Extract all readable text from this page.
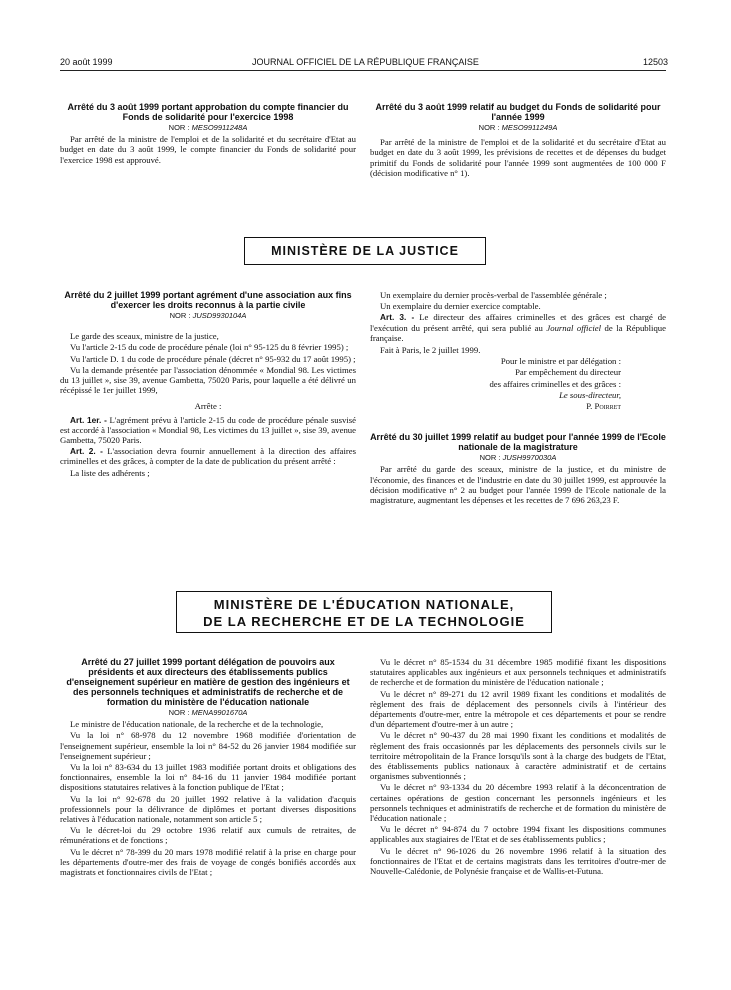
20 août 1999	JOURNAL OFFICIEL DE LA RÉPUBLIQUE FRANÇAISE	12503

Arrêté du 3 août 1999 portant approbation du compte financier du Fonds de solidarité pour l'exercice 1998

NOR : MESO9911248A

Par arrêté de la ministre de l'emploi et de la solidarité et du secrétaire d'Etat au budget en date du 3 août 1999, le compte financier du Fonds de solidarité pour l'exercice 1998 est approuvé.

Arrêté du 3 août 1999 relatif au budget du Fonds de solidarité pour l'année 1999

NOR : MESO9911249A

Par arrêté de la ministre de l'emploi et de la solidarité et du secrétaire d'Etat au budget en date du 3 août 1999, les prévisions de recettes et de dépenses du budget primitif du Fonds de solidarité pour l'année 1999 sont augmentées de 100 000 F (décision modificative n° 1).

MINISTÈRE DE LA JUSTICE

Arrêté du 2 juillet 1999 portant agrément d'une association aux fins d'exercer les droits reconnus à la partie civile

NOR : JUSD9930104A

Le garde des sceaux, ministre de la justice,

Vu l'article 2-15 du code de procédure pénale (loi n° 95-125 du 8 février 1995) ;

Vu l'article D. 1 du code de procédure pénale (décret n° 95-932 du 17 août 1995) ;

Vu la demande présentée par l'association dénommée « Mondial 98. Les victimes du 13 juillet », sise 39, avenue Gambetta, 75020 Paris, pour laquelle a été délivré un récépissé le 1er juillet 1999,

Arrête :

Art. 1er. - L'agrément prévu à l'article 2-15 du code de procédure pénale susvisé est accordé à l'association « Mondial 98, Les victimes du 13 juillet », sise 39, avenue Gambetta, 75020 Paris.

Art. 2. - L'association devra fournir annuellement à la direction des affaires criminelles et des grâces, à compter de la date de publication du présent arrêté :

La liste des adhérents ;

Un exemplaire du dernier procès-verbal de l'assemblée générale ;

Un exemplaire du dernier exercice comptable.

Art. 3. - Le directeur des affaires criminelles et des grâces est chargé de l'exécution du présent arrêté, qui sera publié au Journal officiel de la République française.

Fait à Paris, le 2 juillet 1999.

Pour le ministre et par délégation :

Par empêchement du directeur

des affaires criminelles et des grâces :

Le sous-directeur,

P. Poirret

Arrêté du 30 juillet 1999 relatif au budget pour l'année 1999 de l'Ecole nationale de la magistrature

NOR : JUSH9970030A

Par arrêté du garde des sceaux, ministre de la justice, et du ministre de l'économie, des finances et de l'industrie en date du 30 juillet 1999, est approuvée la décision modificative n° 2 au budget pour l'année 1999 de l'Ecole nationale de la magistrature, augmentant les dépenses et les recettes de 7 696 263,23 F.

MINISTÈRE DE L'ÉDUCATION NATIONALE,
DE LA RECHERCHE ET DE LA TECHNOLOGIE

Arrêté du 27 juillet 1999 portant délégation de pouvoirs aux présidents et aux directeurs des établissements publics d'enseignement supérieur en matière de gestion des ingénieurs et des personnels techniques et administratifs de recherche et de formation du ministère de l'éducation nationale

NOR : MENA9901670A

Le ministre de l'éducation nationale, de la recherche et de la technologie,

Vu la loi n° 68-978 du 12 novembre 1968 modifiée d'orientation de l'enseignement supérieur, ensemble la loi n° 84-52 du 26 janvier 1984 modifiée sur l'enseignement supérieur ;

Vu la loi n° 83-634 du 13 juillet 1983 modifiée portant droits et obligations des fonctionnaires, ensemble la loi n° 84-16 du 11 janvier 1984 modifiée portant dispositions statutaires relatives à la fonction publique de l'Etat ;

Vu la loi n° 92-678 du 20 juillet 1992 relative à la validation d'acquis professionnels pour la délivrance de diplômes et portant diverses dispositions relatives à l'éducation nationale, notamment son article 5 ;

Vu le décret-loi du 29 octobre 1936 relatif aux cumuls de retraites, de rémunérations et de fonctions ;

Vu le décret n° 78-399 du 20 mars 1978 modifié relatif à la prise en charge pour les départements d'outre-mer des frais de voyage de congés bonifiés accordés aux magistrats et fonctionnaires civils de l'Etat ;

Vu le décret n° 85-1534 du 31 décembre 1985 modifié fixant les dispositions statutaires applicables aux ingénieurs et aux personnels techniques et administratifs de recherche et de formation du ministère de l'éducation nationale ;

Vu le décret n° 89-271 du 12 avril 1989 fixant les conditions et modalités de règlement des frais de déplacement des personnels civils à l'intérieur des départements d'outre-mer, entre la métropole et ces départements et pour se rendre d'un département d'outre-mer à un autre ;

Vu le décret n° 90-437 du 28 mai 1990 fixant les conditions et modalités de règlement des frais occasionnés par les déplacements des personnels civils sur le territoire métropolitain de la France lorsqu'ils sont à la charge des budgets de l'Etat, des établissements publics nationaux à caractère administratif et de certains organismes subventionnés ;

Vu le décret n° 93-1334 du 20 décembre 1993 relatif à la déconcentration de certaines opérations de gestion concernant les personnels ingénieurs et les personnels techniques et administratifs de recherche et de formation du ministère de l'éducation nationale ;

Vu le décret n° 94-874 du 7 octobre 1994 fixant les dispositions communes applicables aux stagiaires de l'Etat et de ses établissements publics ;

Vu le décret n° 96-1026 du 26 novembre 1996 relatif à la situation des fonctionnaires de l'Etat et de certains magistrats dans les territoires d'outre-mer de Nouvelle-Calédonie, de Polynésie française et de Wallis-et-Futuna.
